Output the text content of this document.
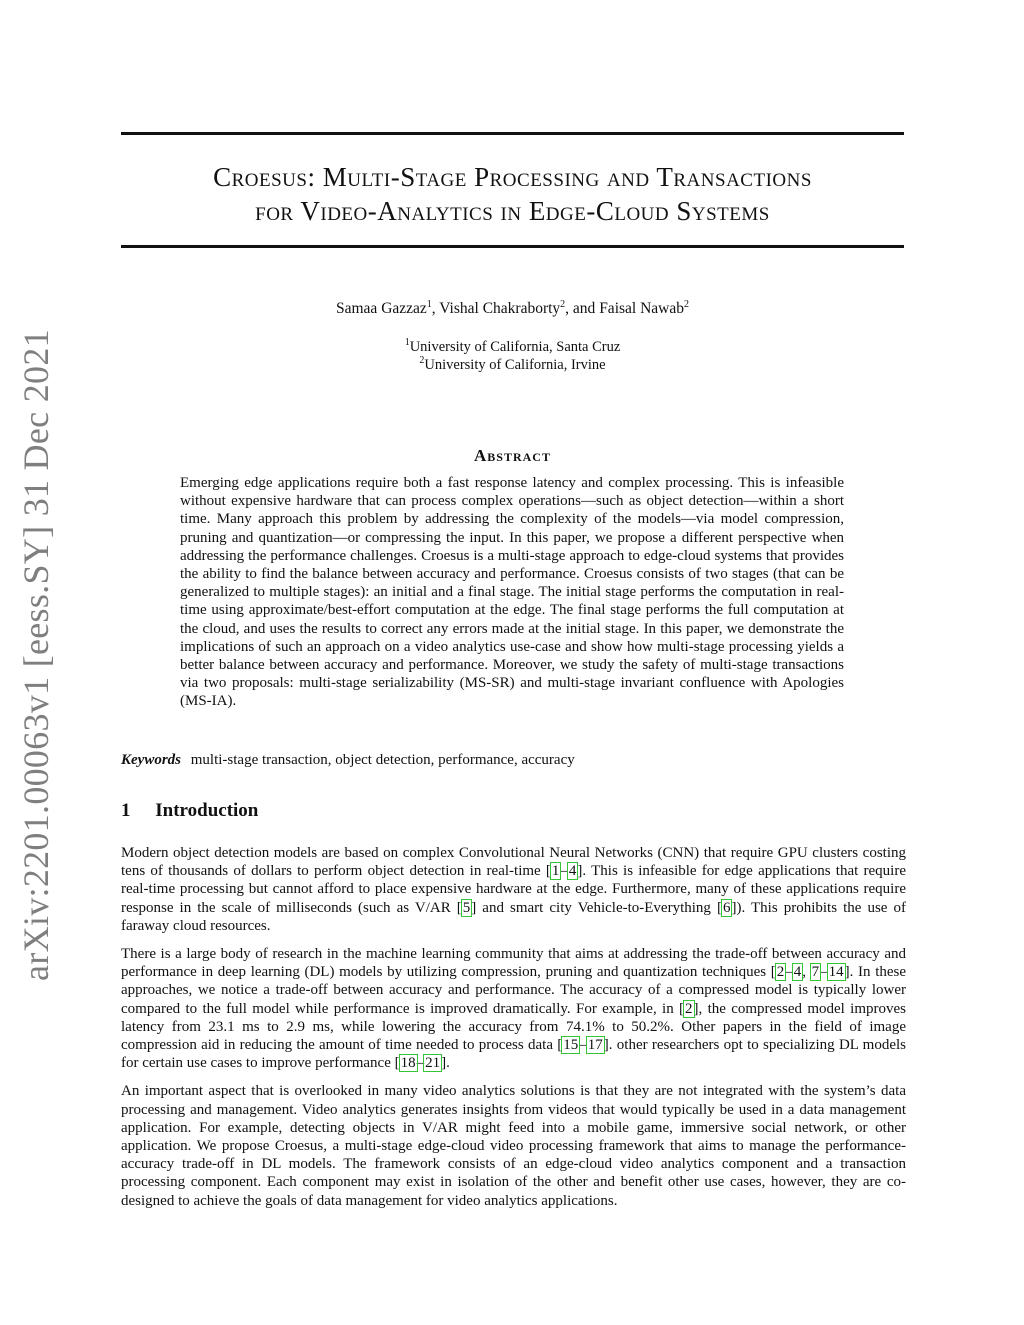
arXiv:2201.00063v1 [eess.SY] 31 Dec 2021
Croesus: Multi-Stage Processing and Transactions
for Video-Analytics in Edge-Cloud Systems
Samaa Gazzaz$^1$, Vishal Chakraborty$^2$, and Faisal Nawab$^2$
$^1$University of California, Santa Cruz
$^2$University of California, Irvine
Abstract
Emerging edge applications require both a fast response latency and complex processing. This is infeasible without expensive hardware that can process complex operations—such as object detection—within a short time. Many approach this problem by addressing the complexity of the models—via model compression, pruning and quantization—or compressing the input. In this paper, we propose a different perspective when addressing the performance challenges. Croesus is a multi-stage approach to edge-cloud systems that provides the ability to find the balance between accuracy and performance. Croesus consists of two stages (that can be generalized to multiple stages): an initial and a final stage. The initial stage performs the computation in real-time using approximate/best-effort computation at the edge. The final stage performs the full computation at the cloud, and uses the results to correct any errors made at the initial stage. In this paper, we demonstrate the implications of such an approach on a video analytics use-case and show how multi-stage processing yields a better balance between accuracy and performance. Moreover, we study the safety of multi-stage transactions via two proposals: multi-stage serializability (MS-SR) and multi-stage invariant confluence with Apologies (MS-IA).
Keywords multi-stage transaction, object detection, performance, accuracy
1 Introduction

Modern object detection models are based on complex Convolutional Neural Networks (CNN) that require GPU clusters costing tens of thousands of dollars to perform object detection in real-time [1–4]. This is infeasible for edge applications that require real-time processing but cannot afford to place expensive hardware at the edge. Furthermore, many of these applications require response in the scale of milliseconds (such as V/AR [5] and smart city Vehicle-to-Everything [6]). This prohibits the use of faraway cloud resources.

There is a large body of research in the machine learning community that aims at addressing the trade-off between accuracy and performance in deep learning (DL) models by utilizing compression, pruning and quantization techniques [2–4, 7–14]. In these approaches, we notice a trade-off between accuracy and performance. The accuracy of a compressed model is typically lower compared to the full model while performance is improved dramatically. For example, in [2], the compressed model improves latency from 23.1 ms to 2.9 ms, while lowering the accuracy from 74.1% to 50.2%. Other papers in the field of image compression aid in reducing the amount of time needed to process data [15–17]. other researchers opt to specializing DL models for certain use cases to improve performance [18–21].

An important aspect that is overlooked in many video analytics solutions is that they are not integrated with the system’s data processing and management. Video analytics generates insights from videos that would typically be used in a data management application. For example, detecting objects in V/AR might feed into a mobile game, immersive social network, or other application. We propose Croesus, a multi-stage edge-cloud video processing framework that aims to manage the performance-accuracy trade-off in DL models. The framework consists of an edge-cloud video analytics component and a transaction processing component. Each component may exist in isolation of the other and benefit other use cases, however, they are co-designed to achieve the goals of data management for video analytics applications.
